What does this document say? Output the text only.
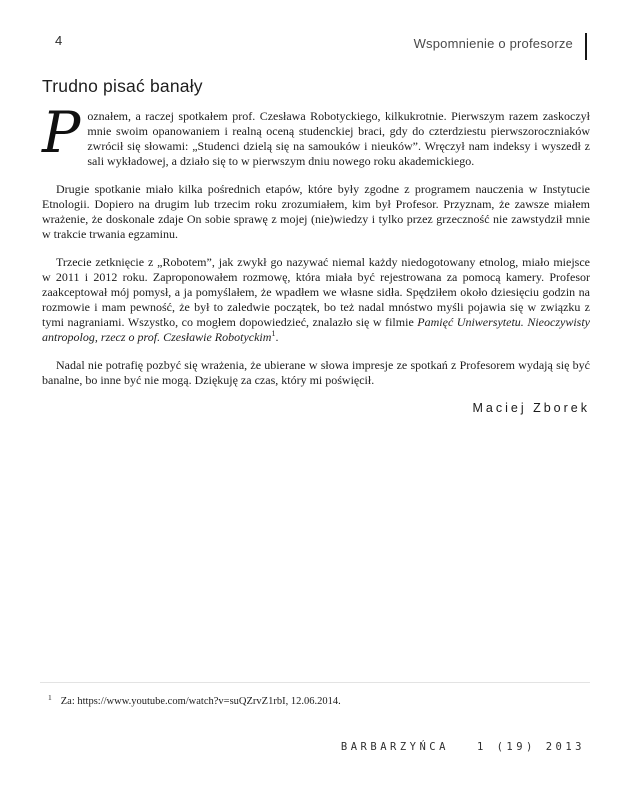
4	Wspomnienie o profesorze
Trudno pisać banały

Poznałem, a raczej spotkałem prof. Czesława Robotyckiego, kilkukrotnie. Pierwszym razem zaskoczył mnie swoim opanowaniem i realną oceną studenckiej braci, gdy do czterdziestu pierwszoroczniaków zwrócił się słowami: „Studenci dzielą się na samouków i nieuków”. Wręczył nam indeksy i wyszedł z sali wykładowej, a działo się to w pierwszym dniu nowego roku akademickiego.

Drugie spotkanie miało kilka pośrednich etapów, które były zgodne z programem nauczenia w Instytucie Etnologii. Dopiero na drugim lub trzecim roku zrozumiałem, kim był Profesor. Przyznam, że zawsze miałem wrażenie, że doskonale zdaje On sobie sprawę z mojej (nie)wiedzy i tylko przez grzeczność nie zawstydził mnie w trakcie trwania egzaminu.

Trzecie zetknięcie z „Robotem”, jak zwykł go nazywać niemal każdy niedogotowany etnolog, miało miejsce w 2011 i 2012 roku. Zaproponowałem rozmowę, która miała być rejestrowana za pomocą kamery. Profesor zaakceptował mój pomysł, a ja pomyślałem, że wpadłem we własne sidła. Spędziłem około dziesięciu godzin na rozmowie i mam pewność, że był to zaledwie początek, bo też nadal mnóstwo myśli pojawia się w związku z tymi nagraniami. Wszystko, co mogłem dopowiedzieć, znalazło się w filmie Pamięć Uniwersytetu. Nieoczywisty antropolog, rzecz o prof. Czesławie Robotyckim$^1$.

Nadal nie potrafię pozbyć się wrażenia, że ubierane w słowa impresje ze spotkań z Profesorem wydają się być banalne, bo inne być nie mogą. Dziękuję za czas, który mi poświęcił.

Maciej Zborek
$^1$ Za: https://www.youtube.com/watch?v=suQZrvZ1rbI, 12.06.2014.
BARBARZYŃCA	1 (19) 2013
